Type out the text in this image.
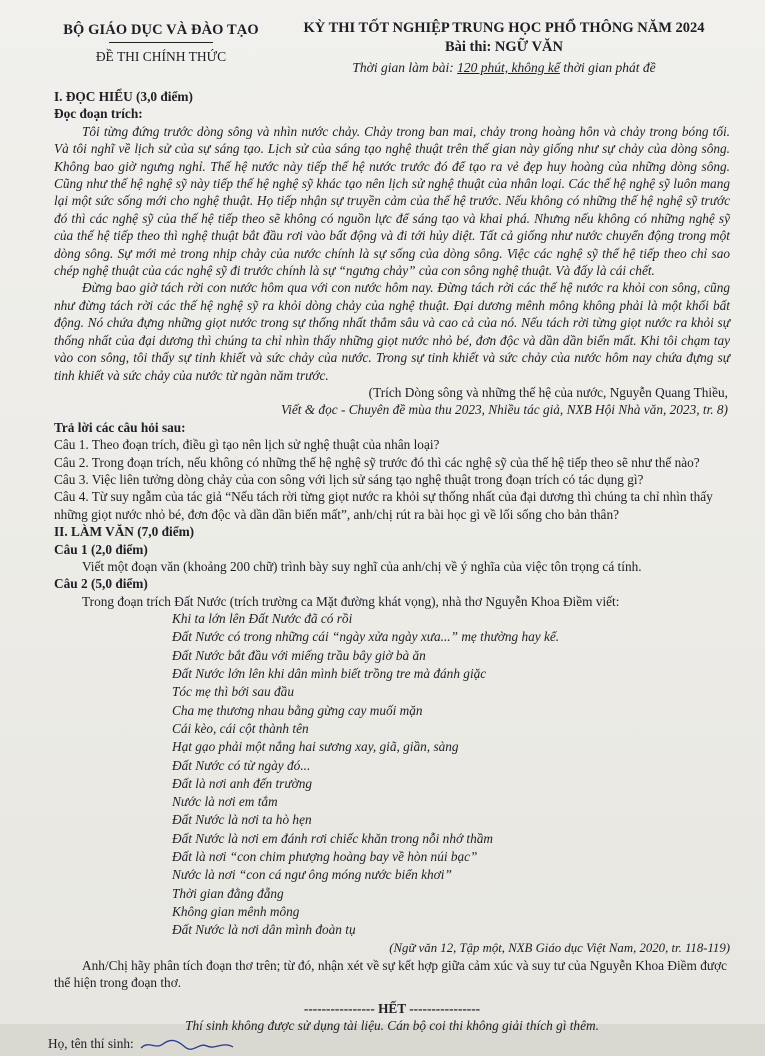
BỘ GIÁO DỤC VÀ ĐÀO TẠO
ĐỀ THI CHÍNH THỨC
KỲ THI TỐT NGHIỆP TRUNG HỌC PHỔ THÔNG NĂM 2024
Bài thi: NGỮ VĂN
Thời gian làm bài: 120 phút, không kể thời gian phát đề
I. ĐỌC HIỂU (3,0 điểm)
Đọc đoạn trích:
Tôi từng đứng trước dòng sông và nhìn nước chảy. Chảy trong ban mai, chảy trong hoàng hôn và chảy trong bóng tối. Và tôi nghĩ về lịch sử của sự sáng tạo. Lịch sử của sáng tạo nghệ thuật trên thế gian này giống như sự chảy của dòng sông. Không bao giờ ngưng nghỉ. Thế hệ nước này tiếp thế hệ nước trước đó để tạo ra vẻ đẹp huy hoàng của những dòng sông. Cũng như thế hệ nghệ sỹ này tiếp thế hệ nghệ sỹ khác tạo nên lịch sử nghệ thuật của nhân loại. Các thế hệ nghệ sỹ luôn mang lại một sức sống mới cho nghệ thuật. Họ tiếp nhận sự truyền cảm của thế hệ trước. Nếu không có những thế hệ nghệ sỹ trước đó thì các nghệ sỹ của thế hệ tiếp theo sẽ không có nguồn lực để sáng tạo và khai phá. Nhưng nếu không có những nghệ sỹ của thế hệ tiếp theo thì nghệ thuật bắt đầu rơi vào bất động và đi tới hủy diệt. Tất cả giống như nước chuyển động trong một dòng sông. Sự mới mẻ trong nhịp chảy của nước chính là sự sống của dòng sông. Việc các nghệ sỹ thế hệ tiếp theo chỉ sao chép nghệ thuật của các nghệ sỹ đi trước chính là sự “ngưng chảy” của con sông nghệ thuật. Và đấy là cái chết.
Đừng bao giờ tách rời con nước hôm qua với con nước hôm nay. Đừng tách rời các thế hệ nước ra khỏi con sông, cũng như đừng tách rời các thế hệ nghệ sỹ ra khỏi dòng chảy của nghệ thuật. Đại dương mênh mông không phải là một khối bất động. Nó chứa đựng những giọt nước trong sự thống nhất thẳm sâu và cao cả của nó. Nếu tách rời từng giọt nước ra khỏi sự thống nhất của đại dương thì chúng ta chỉ nhìn thấy những giọt nước nhỏ bé, đơn độc và dần dần biến mất. Khi tôi chạm tay vào con sông, tôi thấy sự tinh khiết và sức chảy của nước. Trong sự tinh khiết và sức chảy của nước hôm nay chứa đựng sự tinh khiết và sức chảy của nước từ ngàn năm trước.
(Trích Dòng sông và những thế hệ của nước, Nguyễn Quang Thiều,
Viết & đọc - Chuyên đề mùa thu 2023, Nhiều tác giả, NXB Hội Nhà văn, 2023, tr. 8)
Trả lời các câu hỏi sau:
Câu 1. Theo đoạn trích, điều gì tạo nên lịch sử nghệ thuật của nhân loại?
Câu 2. Trong đoạn trích, nếu không có những thế hệ nghệ sỹ trước đó thì các nghệ sỹ của thế hệ tiếp theo sẽ như thế nào?
Câu 3. Việc liên tưởng dòng chảy của con sông với lịch sử sáng tạo nghệ thuật trong đoạn trích có tác dụng gì?
Câu 4. Từ suy ngẫm của tác giả “Nếu tách rời từng giọt nước ra khỏi sự thống nhất của đại dương thì chúng ta chỉ nhìn thấy những giọt nước nhỏ bé, đơn độc và dần dần biến mất”, anh/chị rút ra bài học gì về lối sống cho bản thân?
II. LÀM VĂN (7,0 điểm)
Câu 1 (2,0 điểm)
Viết một đoạn văn (khoảng 200 chữ) trình bày suy nghĩ của anh/chị về ý nghĩa của việc tôn trọng cá tính.
Câu 2 (5,0 điểm)
Trong đoạn trích Đất Nước (trích trường ca Mặt đường khát vọng), nhà thơ Nguyễn Khoa Điềm viết:
Khi ta lớn lên Đất Nước đã có rồi
Đất Nước có trong những cái “ngày xửa ngày xưa...” mẹ thường hay kể.
Đất Nước bắt đầu với miếng trầu bây giờ bà ăn
Đất Nước lớn lên khi dân mình biết trồng tre mà đánh giặc
Tóc mẹ thì bới sau đầu
Cha mẹ thương nhau bằng gừng cay muối mặn
Cái kèo, cái cột thành tên
Hạt gạo phải một nắng hai sương xay, giã, giần, sàng
Đất Nước có từ ngày đó...
Đất là nơi anh đến trường
Nước là nơi em tắm
Đất Nước là nơi ta hò hẹn
Đất Nước là nơi em đánh rơi chiếc khăn trong nỗi nhớ thầm
Đất là nơi “con chim phượng hoàng bay về hòn núi bạc”
Nước là nơi “con cá ngư ông móng nước biển khơi”
Thời gian đằng đẵng
Không gian mênh mông
Đất Nước là nơi dân mình đoàn tụ
(Ngữ văn 12, Tập một, NXB Giáo dục Việt Nam, 2020, tr. 118-119)
Anh/Chị hãy phân tích đoạn thơ trên; từ đó, nhận xét về sự kết hợp giữa cảm xúc và suy tư của Nguyễn Khoa Điềm được thể hiện trong đoạn thơ.
---------------- HẾT ----------------
Thí sinh không được sử dụng tài liệu. Cán bộ coi thi không giải thích gì thêm.
Họ, tên thí sinh:
